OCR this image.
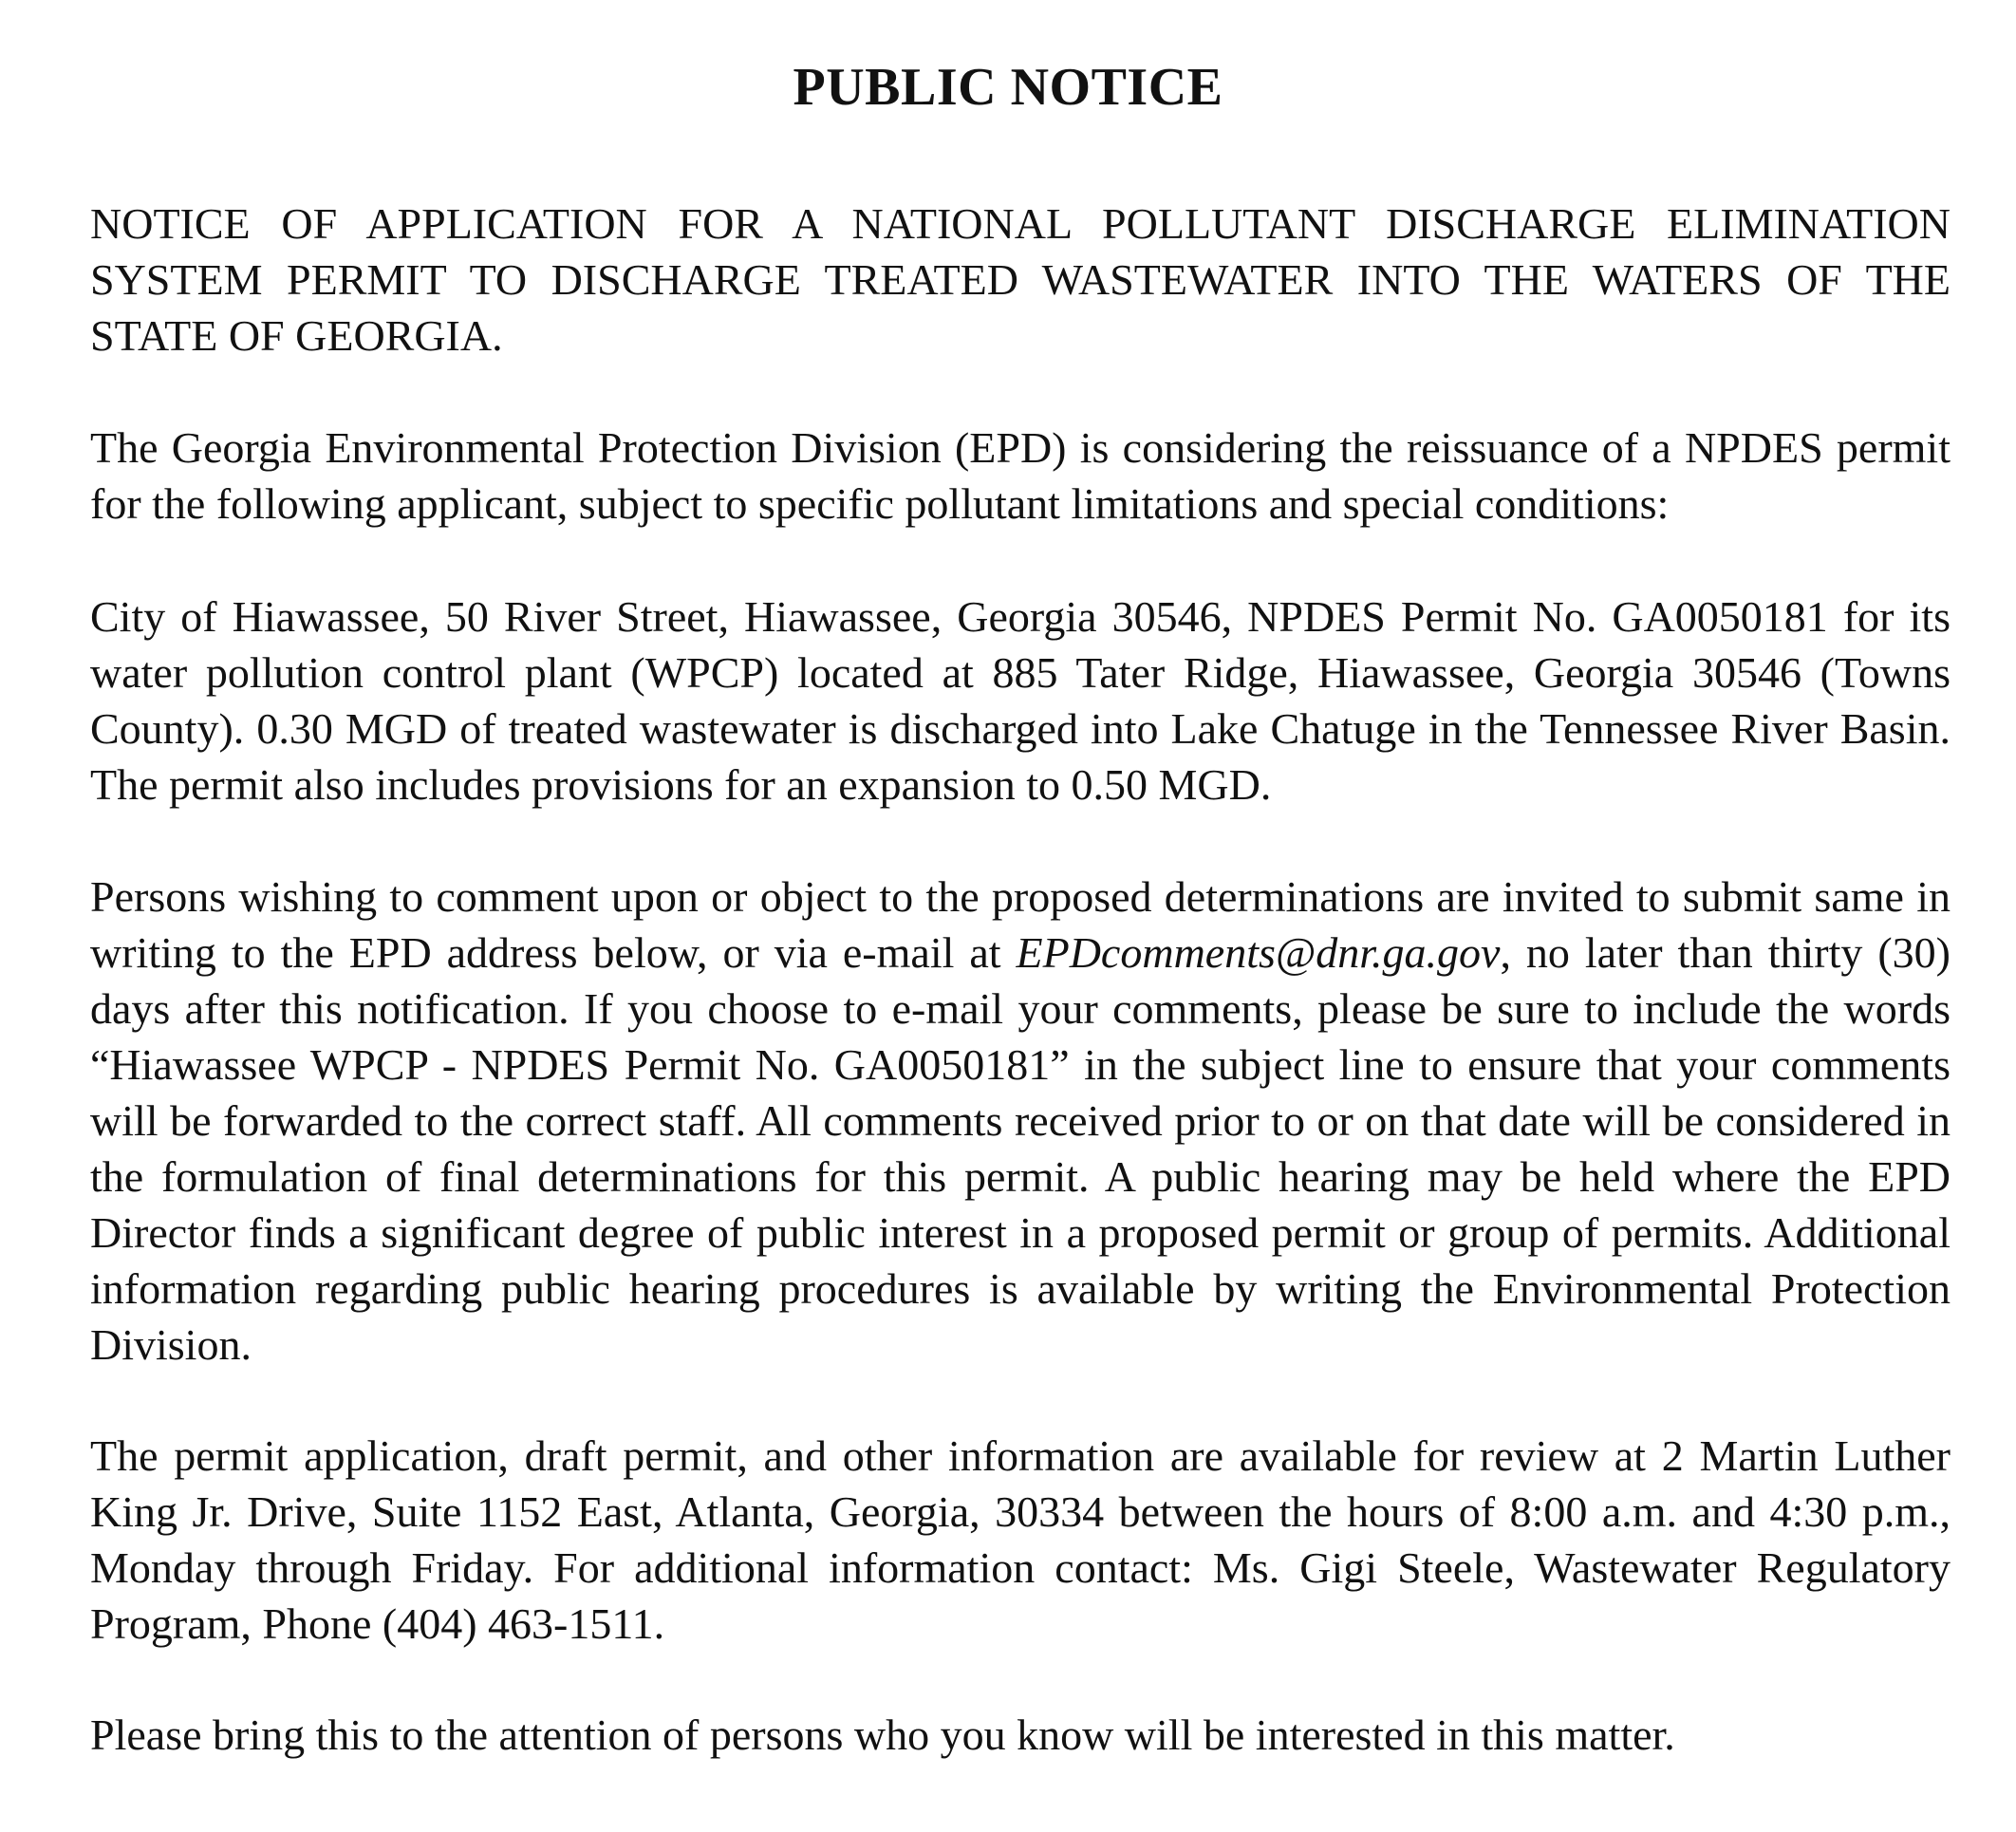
PUBLIC NOTICE

NOTICE OF APPLICATION FOR A NATIONAL POLLUTANT DISCHARGE ELIMINATION SYSTEM PERMIT TO DISCHARGE TREATED WASTEWATER INTO THE WATERS OF THE STATE OF GEORGIA.

The Georgia Environmental Protection Division (EPD) is considering the reissuance of a NPDES permit for the following applicant, subject to specific pollutant limitations and special conditions:

City of Hiawassee, 50 River Street, Hiawassee, Georgia 30546, NPDES Permit No. GA0050181 for its water pollution control plant (WPCP) located at 885 Tater Ridge, Hiawassee, Georgia 30546 (Towns County). 0.30 MGD of treated wastewater is discharged into Lake Chatuge in the Tennessee River Basin. The permit also includes provisions for an expansion to 0.50 MGD.

Persons wishing to comment upon or object to the proposed determinations are invited to submit same in writing to the EPD address below, or via e-mail at EPDcomments@dnr.ga.gov, no later than thirty (30) days after this notification. If you choose to e-mail your comments, please be sure to include the words “Hiawassee WPCP - NPDES Permit No. GA0050181” in the subject line to ensure that your comments will be forwarded to the correct staff. All comments received prior to or on that date will be considered in the formulation of final determinations for this permit. A public hearing may be held where the EPD Director finds a significant degree of public interest in a proposed permit or group of permits. Additional information regarding public hearing procedures is available by writing the Environmental Protection Division.

The permit application, draft permit, and other information are available for review at 2 Martin Luther King Jr. Drive, Suite 1152 East, Atlanta, Georgia, 30334 between the hours of 8:00 a.m. and 4:30 p.m., Monday through Friday. For additional information contact: Ms. Gigi Steele, Wastewater Regulatory Program, Phone (404) 463-1511.

Please bring this to the attention of persons who you know will be interested in this matter.
